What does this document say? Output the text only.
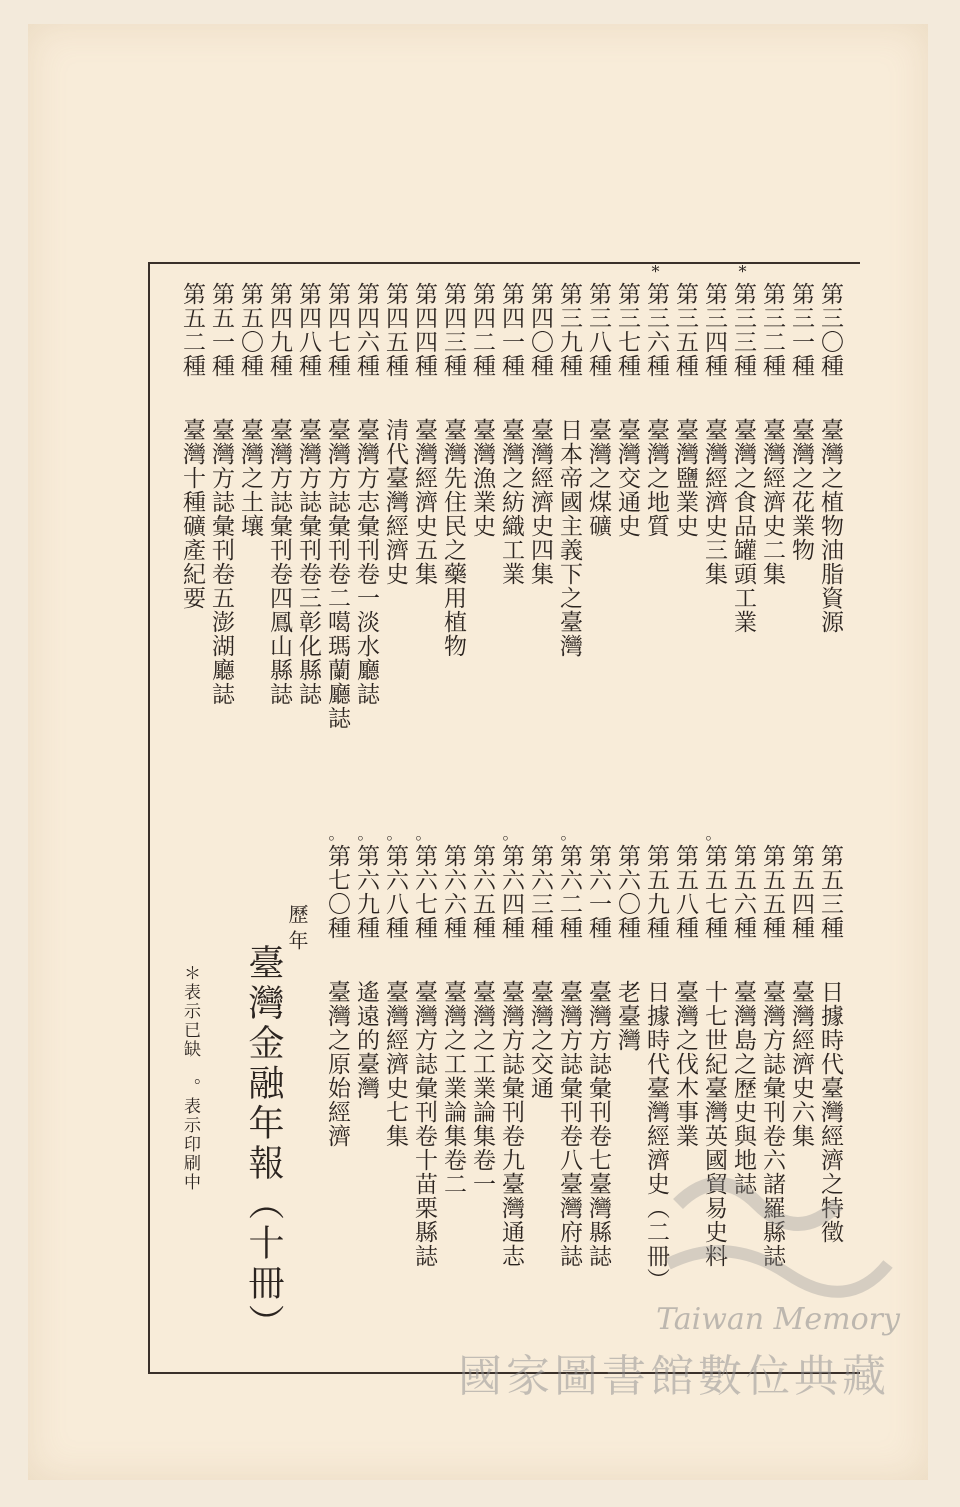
第三〇種
臺灣之植物油脂資源
第三一種
臺灣之花業物
第三二種
臺灣經濟史二集
*
第三三種
臺灣之食品罐頭工業
第三四種
臺灣經濟史三集
第三五種
臺灣鹽業史
*
第三六種
臺灣之地質
第三七種
臺灣交通史
第三八種
臺灣之煤礦
第三九種
日本帝國主義下之臺灣
第四〇種
臺灣經濟史四集
第四一種
臺灣之紡織工業
第四二種
臺灣漁業史
第四三種
臺灣先住民之藥用植物
第四四種
臺灣經濟史五集
第四五種
清代臺灣經濟史
第四六種
臺灣方志彙刊卷一淡水廳誌
第四七種
臺灣方誌彙刊卷二噶瑪蘭廳誌
第四八種
臺灣方誌彙刊卷三彰化縣誌
第四九種
臺灣方誌彙刊卷四鳳山縣誌
第五〇種
臺灣之土壤
第五一種
臺灣方誌彙刊卷五澎湖廳誌
第五二種
臺灣十種礦產紀要
第五三種
日據時代臺灣經濟之特徵
第五四種
臺灣經濟史六集
第五五種
臺灣方誌彙刊卷六諸羅縣誌
第五六種
臺灣島之歷史與地誌
。
第五七種
十七世紀臺灣英國貿易史料
第五八種
臺灣之伐木事業
第五九種
日據時代臺灣經濟史（二冊）
第六〇種
老臺灣
第六一種
臺灣方誌彙刊卷七臺灣縣誌
。
第六二種
臺灣方誌彙刊卷八臺灣府誌
第六三種
臺灣之交通
。
第六四種
臺灣方誌彙刊卷九臺灣通志
第六五種
臺灣之工業論集卷一
第六六種
臺灣之工業論集卷二
。
第六七種
臺灣方誌彙刊卷十苗栗縣誌
。
第六八種
臺灣經濟史七集
。
第六九種
遙遠的臺灣
。
第七〇種
臺灣之原始經濟
歷年
臺灣金融年報（十冊）
＊表示已缺　。表示印刷中
Taiwan Memory
國家圖書館數位典藏
